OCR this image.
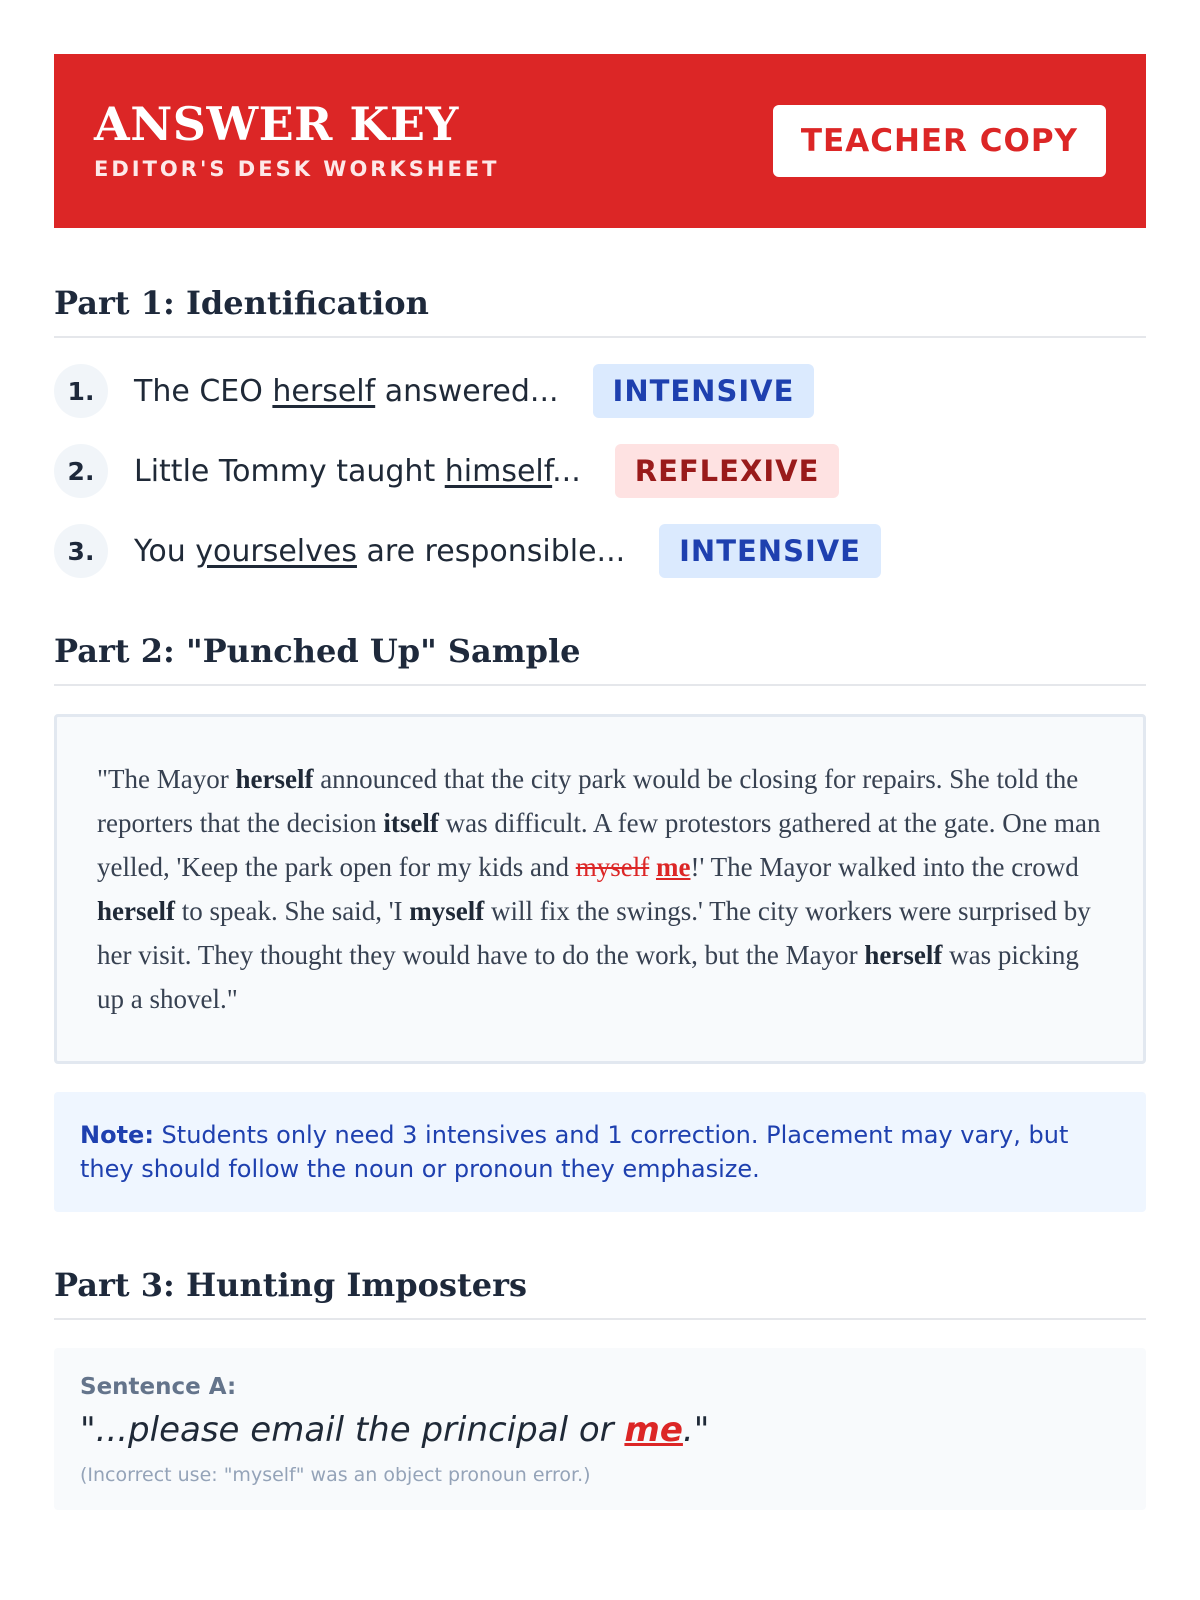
ANSWER KEY
EDITOR'S DESK WORKSHEET
TEACHER COPY
Part 1: Identification
1.	The CEO herself answered...	INTENSIVE
2.	Little Tommy taught himself...	REFLEXIVE
3.	You yourselves are responsible...	INTENSIVE
Part 2: "Punched Up" Sample
"The Mayor herself announced that the city park would be closing for repairs. She told the reporters that the decision itself was difficult. A few protestors gathered at the gate. One man yelled, 'Keep the park open for my kids and myself me!' The Mayor walked into the crowd herself to speak. She said, 'I myself will fix the swings.' The city workers were surprised by her visit. They thought they would have to do the work, but the Mayor herself was picking up a shovel."
Note: Students only need 3 intensives and 1 correction. Placement may vary, but they should follow the noun or pronoun they emphasize.
Part 3: Hunting Imposters
Sentence A:
"...please email the principal or me."
(Incorrect use: "myself" was an object pronoun error.)
